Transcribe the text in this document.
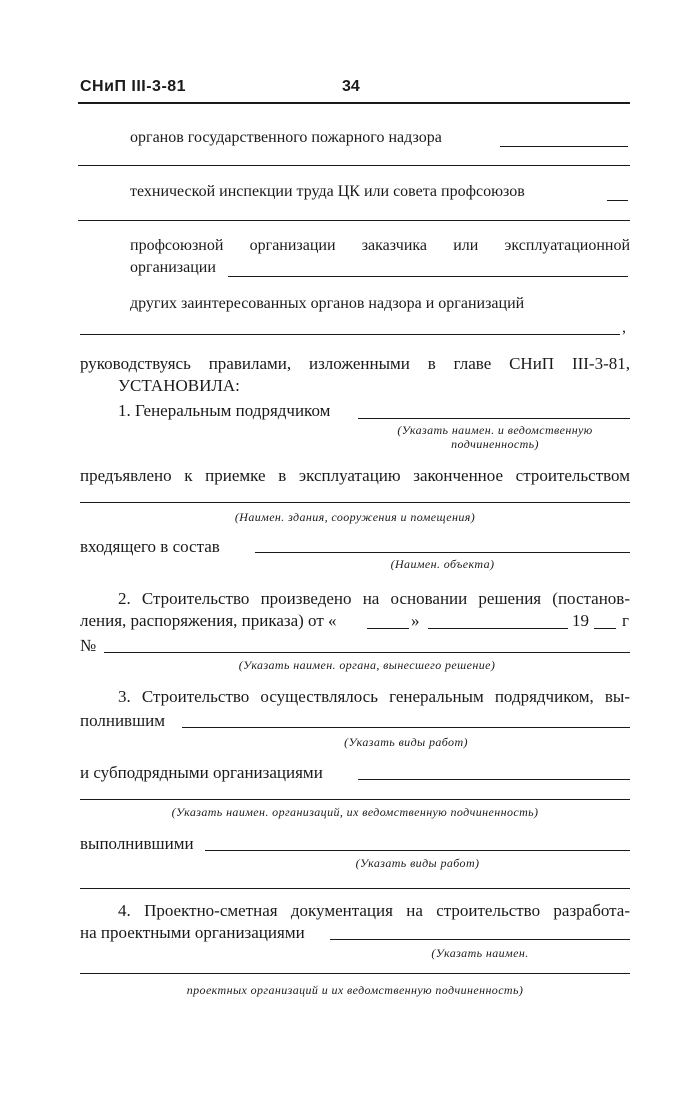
СНиП III-3-81	34
органов государственного пожарного надзора
технической инспекции труда ЦК или совета профсоюзов
профсоюзной организации заказчика или эксплуатационной
организации
других заинтересованных органов надзора и организаций
,
руководствуясь правилами, изложенными в главе СНиП III-3-81,
УСТАНОВИЛА:
1. Генеральным подрядчиком
(Указать наимен. и ведомственную
подчиненность)
предъявлено к приемке в эксплуатацию законченное строительством
(Наимен. здания, сооружения и помещения)
входящего в состав
(Наимен. объекта)
2. Строительство произведено на основании решения (постанов-
ления, распоряжения, приказа) от «	»	19 г
№
(Указать наимен. органа, вынесшего решение)
3. Строительство осуществлялось генеральным подрядчиком, вы-
полнившим
(Указать виды работ)
и субподрядными организациями
(Указать наимен. организаций, их ведомственную подчиненность)
выполнившими
(Указать виды работ)
4. Проектно-сметная документация на строительство разработа-
на проектными организациями
(Указать наимен.
проектных организаций и их ведомственную подчиненность)
